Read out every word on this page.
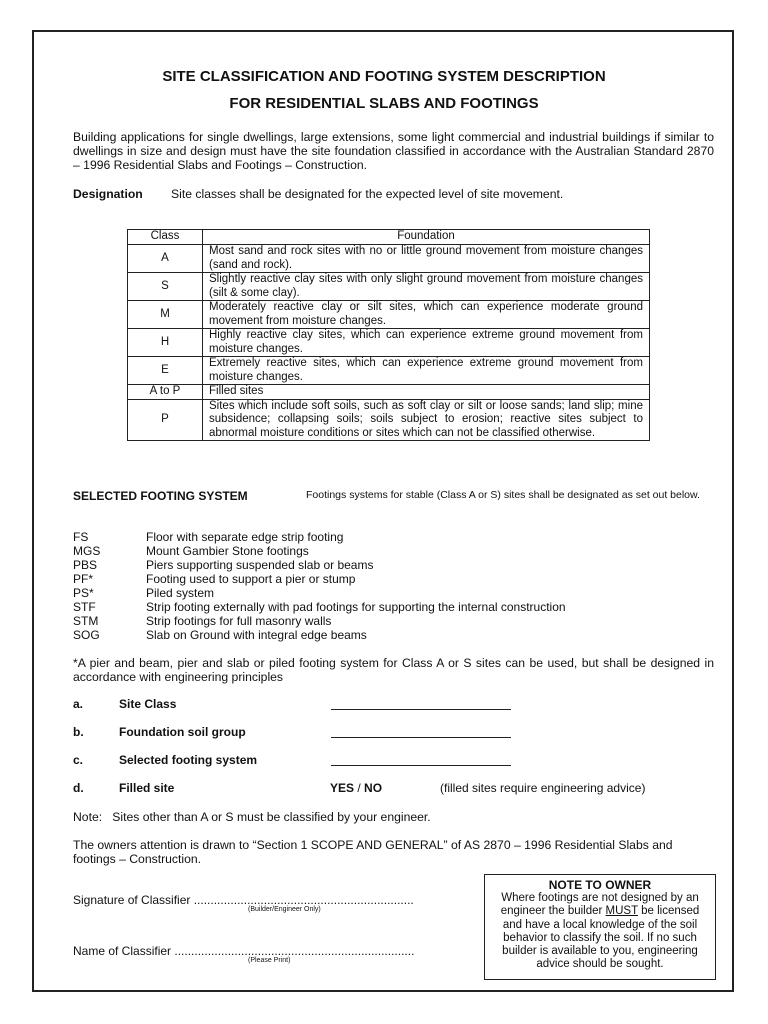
SITE CLASSIFICATION AND FOOTING SYSTEM DESCRIPTION
FOR RESIDENTIAL SLABS AND FOOTINGS
Building applications for single dwellings, large extensions, some light commercial and industrial buildings if similar to dwellings in size and design must have the site foundation classified in accordance with the Australian Standard 2870 – 1996 Residential Slabs and Footings – Construction.
Designation Site classes shall be designated for the expected level of site movement.
Class	Foundation
A	Most sand and rock sites with no or little ground movement from moisture changes (sand and rock).
S	Slightly reactive clay sites with only slight ground movement from moisture changes (silt & some clay).
M	Moderately reactive clay or silt sites, which can experience moderate ground movement from moisture changes.
H	Highly reactive clay sites, which can experience extreme ground movement from moisture changes.
E	Extremely reactive sites, which can experience extreme ground movement from moisture changes.
A to P	Filled sites
P	Sites which include soft soils, such as soft clay or silt or loose sands; land slip; mine subsidence; collapsing soils; soils subject to erosion; reactive sites subject to abnormal moisture conditions or sites which can not be classified otherwise.
SELECTED FOOTING SYSTEM	Footings systems for stable (Class A or S) sites shall be designated as set out below.
FS	Floor with separate edge strip footing
MGS	Mount Gambier Stone footings
PBS	Piers supporting suspended slab or beams
PF*	Footing used to support a pier or stump
PS*	Piled system
STF	Strip footing externally with pad footings for supporting the internal construction
STM	Strip footings for full masonry walls
SOG	Slab on Ground with integral edge beams
*A pier and beam, pier and slab or piled footing system for Class A or S sites can be used, but shall be designed in accordance with engineering principles
a.	Site Class
b.	Foundation soil group
c.	Selected footing system
d.	Filled site	YES / NO	(filled sites require engineering advice)
Note:   Sites other than A or S must be classified by your engineer.
The owners attention is drawn to “Section 1 SCOPE AND GENERAL” of AS 2870 – 1996 Residential Slabs and footings – Construction.
Signature of Classifier ..................................................................
(Builder/Engineer Only)
Name of Classifier ........................................................................
(Please Print)
NOTE TO OWNER
Where footings are not designed by an engineer the builder MUST be licensed and have a local knowledge of the soil behavior to classify the soil. If no such builder is available to you, engineering advice should be sought.
